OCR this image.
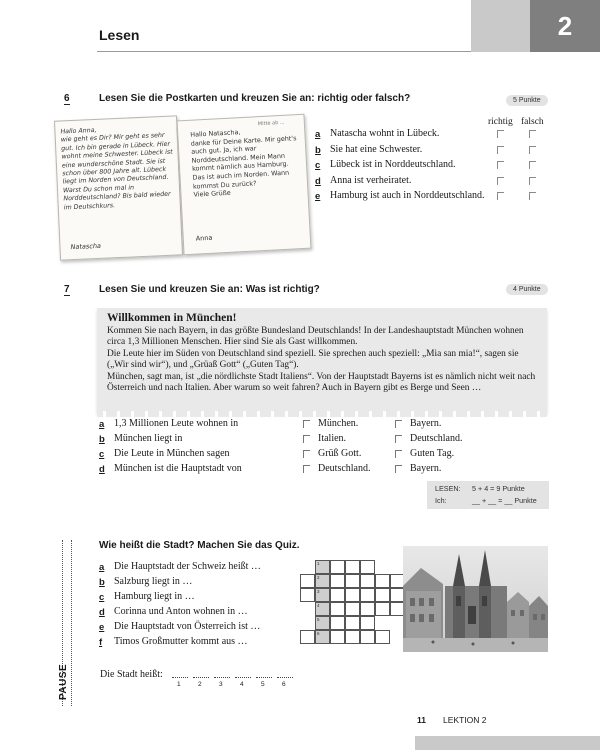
Lesen	2
6	Lesen Sie die Postkarten und kreuzen Sie an: richtig oder falsch?	5 Punkte
Hallo Anna,
wie geht es Dir? Mir geht es sehr gut. Ich bin gerade in Lübeck. Hier wohnt meine Schwester. Lübeck ist eine wunderschöne Stadt. Sie ist schon über 800 Jahre alt. Lübeck liegt im Norden von Deutschland. Warst Du schon mal in Norddeutschland? Bis bald wieder im Deutschkurs.
Natascha
Mitte ab ...
Hallo Natascha,
danke für Deine Karte. Mir geht's auch gut. Ja, ich war Norddeutschland. Mein Mann kommt nämlich aus Hamburg. Das ist auch im Norden. Wann kommst Du zurück?
Viele Grüße
Anna
richtig falsch
a Natascha wohnt in Lübeck.
b Sie hat eine Schwester.
c Lübeck ist in Norddeutschland.
d Anna ist verheiratet.
e Hamburg ist auch in Norddeutschland.
7	Lesen Sie und kreuzen Sie an: Was ist richtig?	4 Punkte
Willkommen in München!
Kommen Sie nach Bayern, in das größte Bundesland Deutschlands! In der Landeshauptstadt München wohnen circa 1,3 Millionen Menschen. Hier sind Sie als Gast willkommen.
Die Leute hier im Süden von Deutschland sind speziell. Sie sprechen auch speziell: „Mia san mia!“, sagen sie („Wir sind wir“), und „Grüaß Gott“ („Guten Tag“).
München, sagt man, ist „die nördlichste Stadt Italiens“. Von der Hauptstadt Bayerns ist es nämlich nicht weit nach Österreich und nach Italien. Aber warum so weit fahren? Auch in Bayern gibt es Berge und Seen …
a 1,3 Millionen Leute wohnen in	München.	Bayern.
b München liegt in	Italien.	Deutschland.
c Die Leute in München sagen	Grüß Gott.	Guten Tag.
d München ist die Hauptstadt von	Deutschland.	Bayern.
LESEN: 5 + 4 = 9 Punkte
Ich:	__ + __ = __ Punkte
PAUSE
Wie heißt die Stadt? Machen Sie das Quiz.
a Die Hauptstadt der Schweiz heißt …
b Salzburg liegt in …
c Hamburg liegt in …
d Corinna und Anton wohnen in …
e Die Hauptstadt von Österreich ist …
f Timos Großmutter kommt aus …
1
2
3
4
5
6
Die Stadt heißt:
1	2	3	4	5	6
11 LEKTION 2
